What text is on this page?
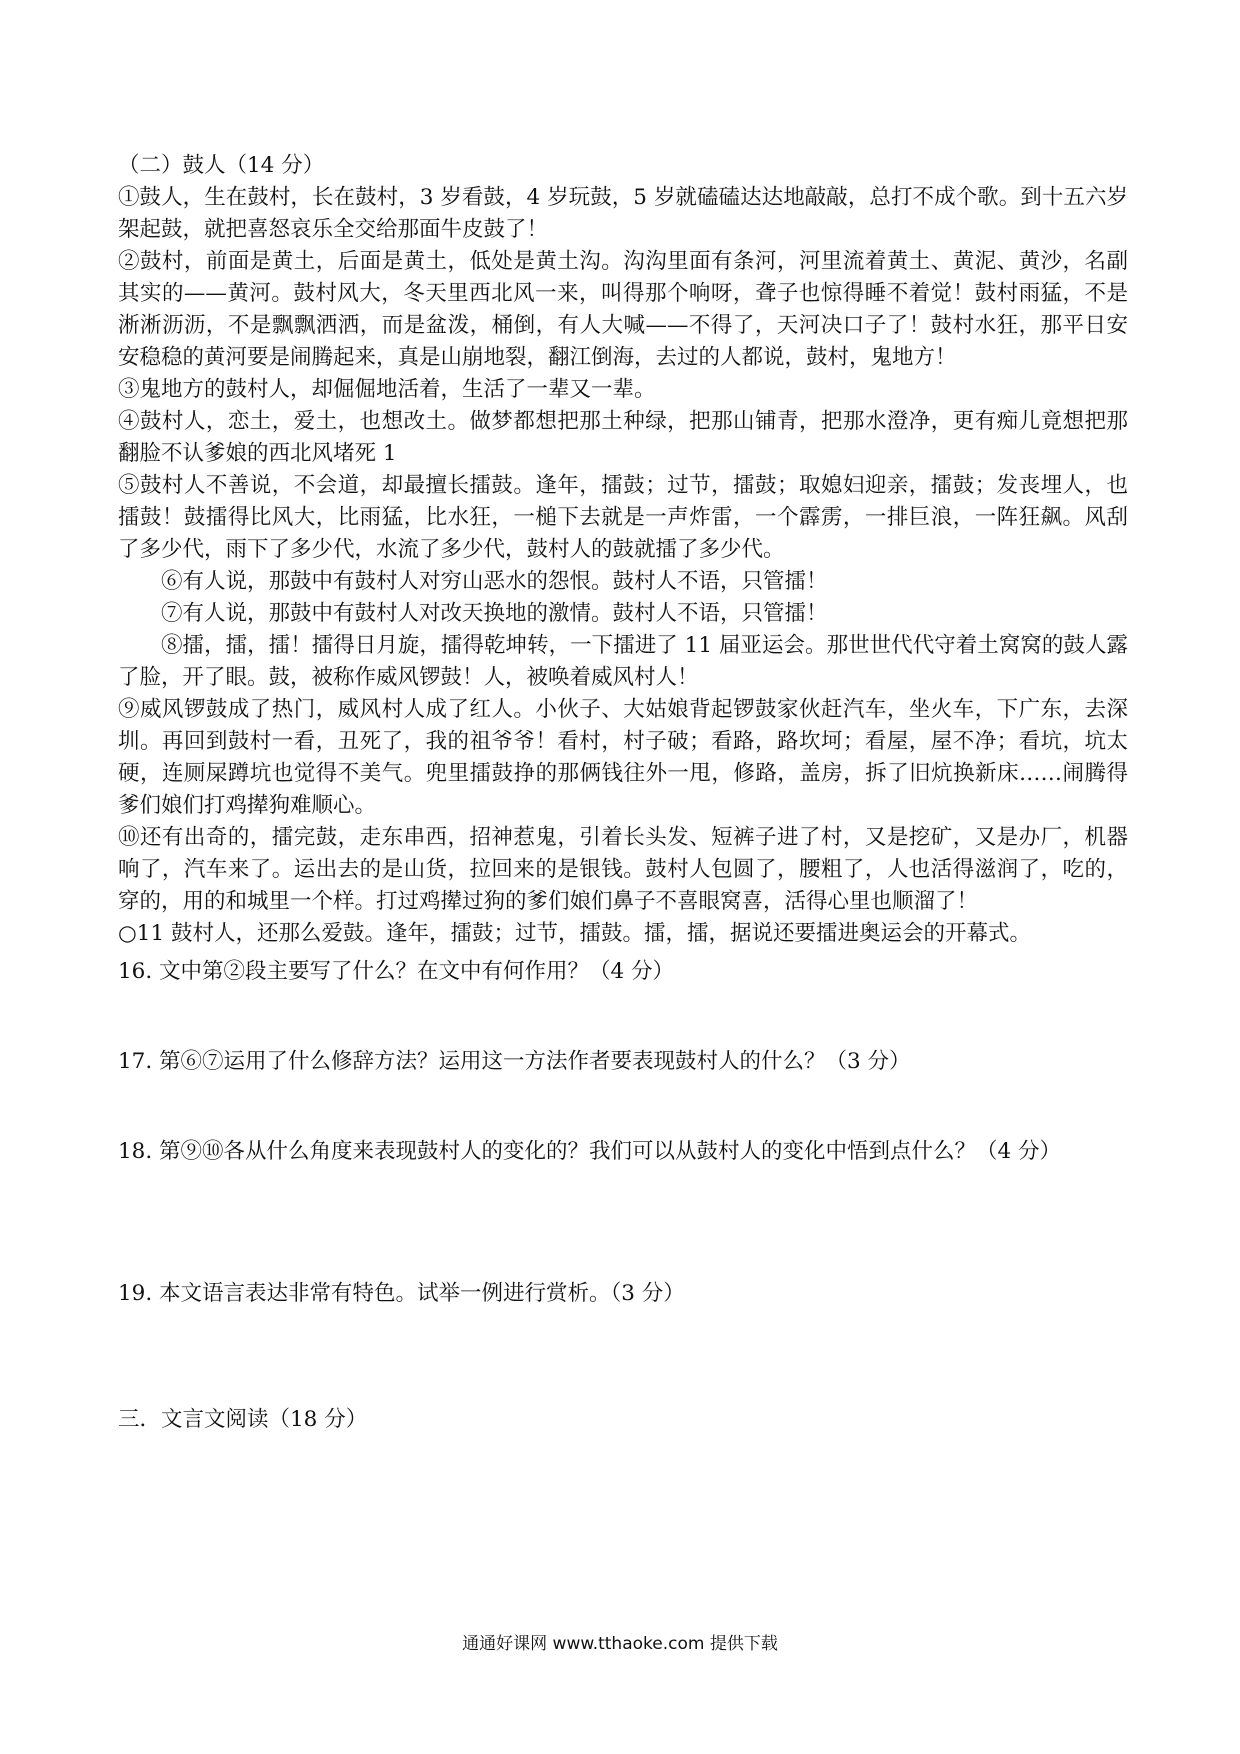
（二）鼓人（14 分）

①鼓人，生在鼓村，长在鼓村，3 岁看鼓，4 岁玩鼓，5 岁就磕磕达达地敲敲，总打不成个歌。到十五六岁架起鼓，就把喜怒哀乐全交给那面牛皮鼓了！

②鼓村，前面是黄土，后面是黄土，低处是黄土沟。沟沟里面有条河，河里流着黄土、黄泥、黄沙，名副其实的——黄河。鼓村风大，冬天里西北风一来，叫得那个响呀，聋子也惊得睡不着觉！鼓村雨猛，不是淅淅沥沥，不是飘飘洒洒，而是盆泼，桶倒，有人大喊——不得了，天河决口子了！鼓村水狂，那平日安安稳稳的黄河要是闹腾起来，真是山崩地裂，翻江倒海，去过的人都说，鼓村，鬼地方！

③鬼地方的鼓村人，却倔倔地活着，生活了一辈又一辈。

④鼓村人，恋土，爱土，也想改土。做梦都想把那土种绿，把那山铺青，把那水澄净，更有痴儿竟想把那翻脸不认爹娘的西北风堵死 1

⑤鼓村人不善说，不会道，却最擅长擂鼓。逢年，擂鼓；过节，擂鼓；取媳妇迎亲，擂鼓；发丧埋人，也擂鼓！鼓擂得比风大，比雨猛，比水狂，一槌下去就是一声炸雷，一个霹雳，一排巨浪，一阵狂飙。风刮了多少代，雨下了多少代，水流了多少代，鼓村人的鼓就擂了多少代。

⑥有人说，那鼓中有鼓村人对穷山恶水的怨恨。鼓村人不语，只管擂！

⑦有人说，那鼓中有鼓村人对改天换地的激情。鼓村人不语，只管擂！

⑧擂，擂，擂！擂得日月旋，擂得乾坤转，一下擂进了 11 届亚运会。那世世代代守着土窝窝的鼓人露了脸，开了眼。鼓，被称作威风锣鼓！人，被唤着威风村人！

⑨威风锣鼓成了热门，威风村人成了红人。小伙子、大姑娘背起锣鼓家伙赶汽车，坐火车，下广东，去深圳。再回到鼓村一看，丑死了，我的祖爷爷！看村，村子破；看路，路坎坷；看屋，屋不净；看坑，坑太硬，连厕屎蹲坑也觉得不美气。兜里擂鼓挣的那俩钱往外一甩，修路，盖房，拆了旧炕换新床……闹腾得爹们娘们打鸡撵狗难顺心。

⑩还有出奇的，擂完鼓，走东串西，招神惹鬼，引着长头发、短裤子进了村，又是挖矿，又是办厂，机器响了，汽车来了。运出去的是山货，拉回来的是银钱。鼓村人包圆了，腰粗了，人也活得滋润了，吃的，穿的，用的和城里一个样。打过鸡撵过狗的爹们娘们鼻子不喜眼窝喜，活得心里也顺溜了！

○11 鼓村人，还那么爱鼓。逢年，擂鼓；过节，擂鼓。擂，擂，据说还要擂进奥运会的开幕式。

16. 文中第②段主要写了什么？在文中有何作用？（4 分）

17. 第⑥⑦运用了什么修辞方法？运用这一方法作者要表现鼓村人的什么？（3 分）

18. 第⑨⑩各从什么角度来表现鼓村人的变化的？我们可以从鼓村人的变化中悟到点什么？（4 分）

19. 本文语言表达非常有特色。试举一例进行赏析。（3 分）

三．文言文阅读（18 分）

通通好课网 www.tthaoke.com 提供下载
